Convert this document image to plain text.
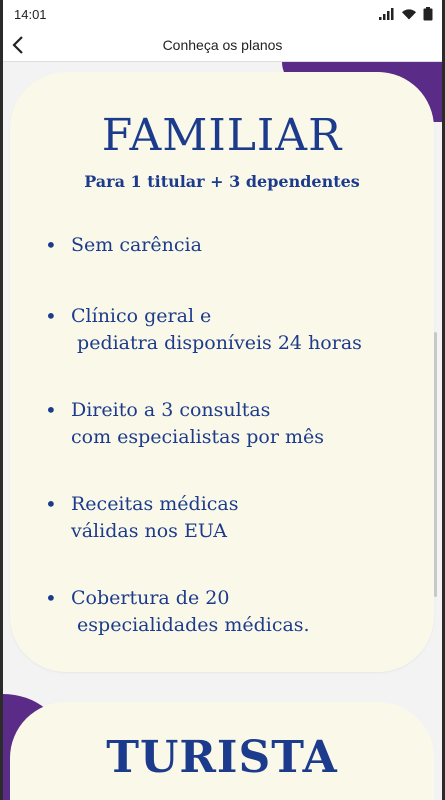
14:01
Conheça os planos
FAMILIAR
Para 1 titular + 3 dependentes
• Sem carência
• Clínico geral e
pediatra disponíveis 24 horas
• Direito a 3 consultas
com especialistas por mês
• Receitas médicas
válidas nos EUA
• Cobertura de 20
especialidades médicas.
TURISTA
